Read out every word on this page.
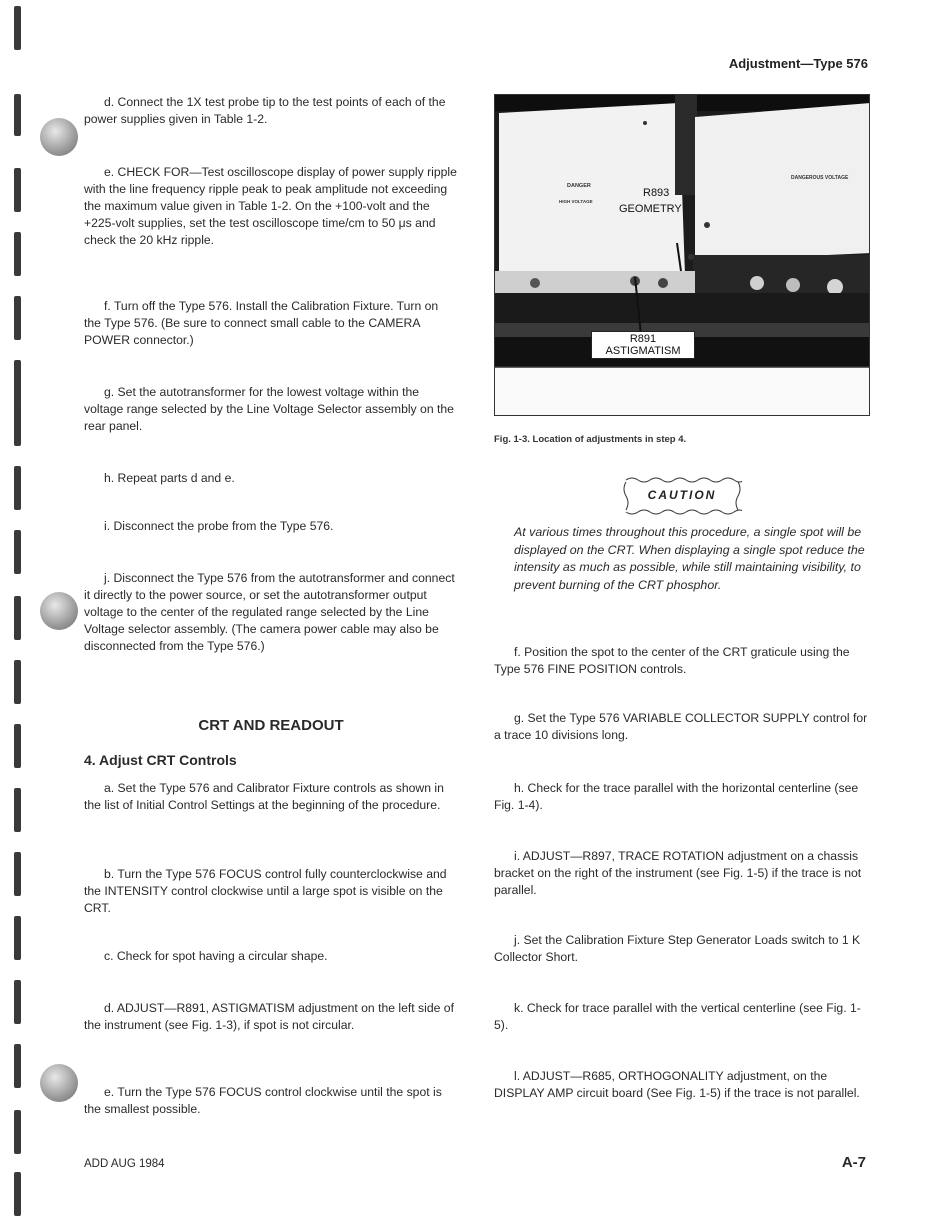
Adjustment—Type 576

d. Connect the 1X test probe tip to the test points of each of the power supplies given in Table 1-2.

e. CHECK FOR—Test oscilloscope display of power supply ripple with the line frequency ripple peak to peak amplitude not exceeding the maximum value given in Table 1-2. On the +100-volt and the +225-volt supplies, set the test oscilloscope time/cm to 50 μs and check the 20 kHz ripple.

f. Turn off the Type 576. Install the Calibration Fixture. Turn on the Type 576. (Be sure to connect small cable to the CAMERA POWER connector.)

g. Set the autotransformer for the lowest voltage within the voltage range selected by the Line Voltage Selector assembly on the rear panel.

h. Repeat parts d and e.

i. Disconnect the probe from the Type 576.

j. Disconnect the Type 576 from the autotransformer and connect it directly to the power source, or set the autotransformer output voltage to the center of the regulated range selected by the Line Voltage selector assembly. (The camera power cable may also be disconnected from the Type 576.)

CRT AND READOUT
4. Adjust CRT Controls

a. Set the Type 576 and Calibrator Fixture controls as shown in the list of Initial Control Settings at the beginning of the procedure.

b. Turn the Type 576 FOCUS control fully counterclockwise and the INTENSITY control clockwise until a large spot is visible on the CRT.

c. Check for spot having a circular shape.

d. ADJUST—R891, ASTIGMATISM adjustment on the left side of the instrument (see Fig. 1-3), if spot is not circular.

e. Turn the Type 576 FOCUS control clockwise until the spot is the smallest possible.

DANGER
HIGH VOLTAGE
DANGEROUS VOLTAGE
R893
GEOMETRY
R891
ASTIGMATISM
Fig. 1-3. Location of adjustments in step 4.
CAUTION
At various times throughout this procedure, a single spot will be displayed on the CRT. When displaying a single spot reduce the intensity as much as possible, while still maintaining visibility, to prevent burning of the CRT phosphor.

f. Position the spot to the center of the CRT graticule using the Type 576 FINE POSITION controls.

g. Set the Type 576 VARIABLE COLLECTOR SUPPLY control for a trace 10 divisions long.

h. Check for the trace parallel with the horizontal centerline (see Fig. 1-4).

i. ADJUST—R897, TRACE ROTATION adjustment on a chassis bracket on the right of the instrument (see Fig. 1-5) if the trace is not parallel.

j. Set the Calibration Fixture Step Generator Loads switch to 1 K Collector Short.

k. Check for trace parallel with the vertical centerline (see Fig. 1-5).

l. ADJUST—R685, ORTHOGONALITY adjustment, on the DISPLAY AMP circuit board (See Fig. 1-5) if the trace is not parallel.

ADD AUG 1984	A-7
